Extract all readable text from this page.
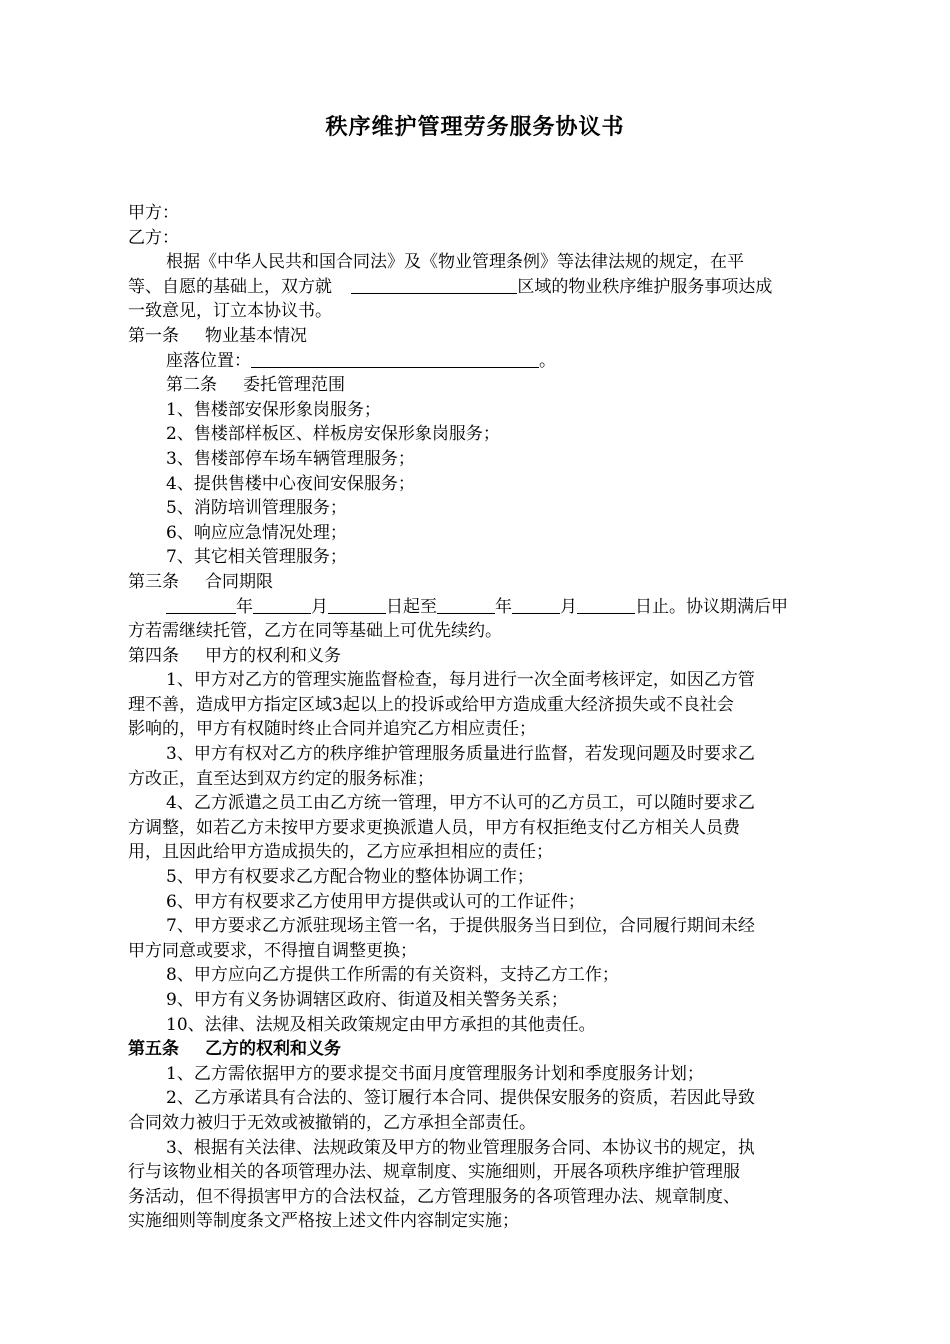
秩序维护管理劳务服务协议书

甲方：

乙方：

根据《中华人民共和国合同法》及《物业管理条例》等法律法规的规定，在平

等、自愿的基础上，双方就	区域的物业秩序维护服务事项达成

一致意见，订立本协议书。

第一条 物业基本情况

座落位置：	。

第二条 委托管理范围

1、售楼部安保形象岗服务；

2、售楼部样板区、样板房安保形象岗服务；

3、售楼部停车场车辆管理服务；

4、提供售楼中心夜间安保服务；

5、消防培训管理服务；

6、响应应急情况处理；

7、其它相关管理服务；

第三条 合同期限

年	月	日起至	年	月	日止。协议期满后甲

方若需继续托管，乙方在同等基础上可优先续约。

第四条 甲方的权利和义务

1、甲方对乙方的管理实施监督检查，每月进行一次全面考核评定，如因乙方管

理不善，造成甲方指定区域3起以上的投诉或给甲方造成重大经济损失或不良社会

影响的，甲方有权随时终止合同并追究乙方相应责任；

3、甲方有权对乙方的秩序维护管理服务质量进行监督，若发现问题及时要求乙

方改正，直至达到双方约定的服务标准；

4、乙方派遣之员工由乙方统一管理，甲方不认可的乙方员工，可以随时要求乙

方调整，如若乙方未按甲方要求更换派遣人员，甲方有权拒绝支付乙方相关人员费

用，且因此给甲方造成损失的，乙方应承担相应的责任；

5、甲方有权要求乙方配合物业的整体协调工作；

6、甲方有权要求乙方使用甲方提供或认可的工作证件；

7、甲方要求乙方派驻现场主管一名，于提供服务当日到位，合同履行期间未经

甲方同意或要求，不得擅自调整更换；

8、甲方应向乙方提供工作所需的有关资料，支持乙方工作；

9、甲方有义务协调辖区政府、街道及相关警务关系；

10、法律、法规及相关政策规定由甲方承担的其他责任。

第五条 乙方的权利和义务

1、乙方需依据甲方的要求提交书面月度管理服务计划和季度服务计划；

2、乙方承诺具有合法的、签订履行本合同、提供保安服务的资质，若因此导致

合同效力被归于无效或被撤销的，乙方承担全部责任。

3、根据有关法律、法规政策及甲方的物业管理服务合同、本协议书的规定，执

行与该物业相关的各项管理办法、规章制度、实施细则，开展各项秩序维护管理服

务活动，但不得损害甲方的合法权益，乙方管理服务的各项管理办法、规章制度、

实施细则等制度条文严格按上述文件内容制定实施；
